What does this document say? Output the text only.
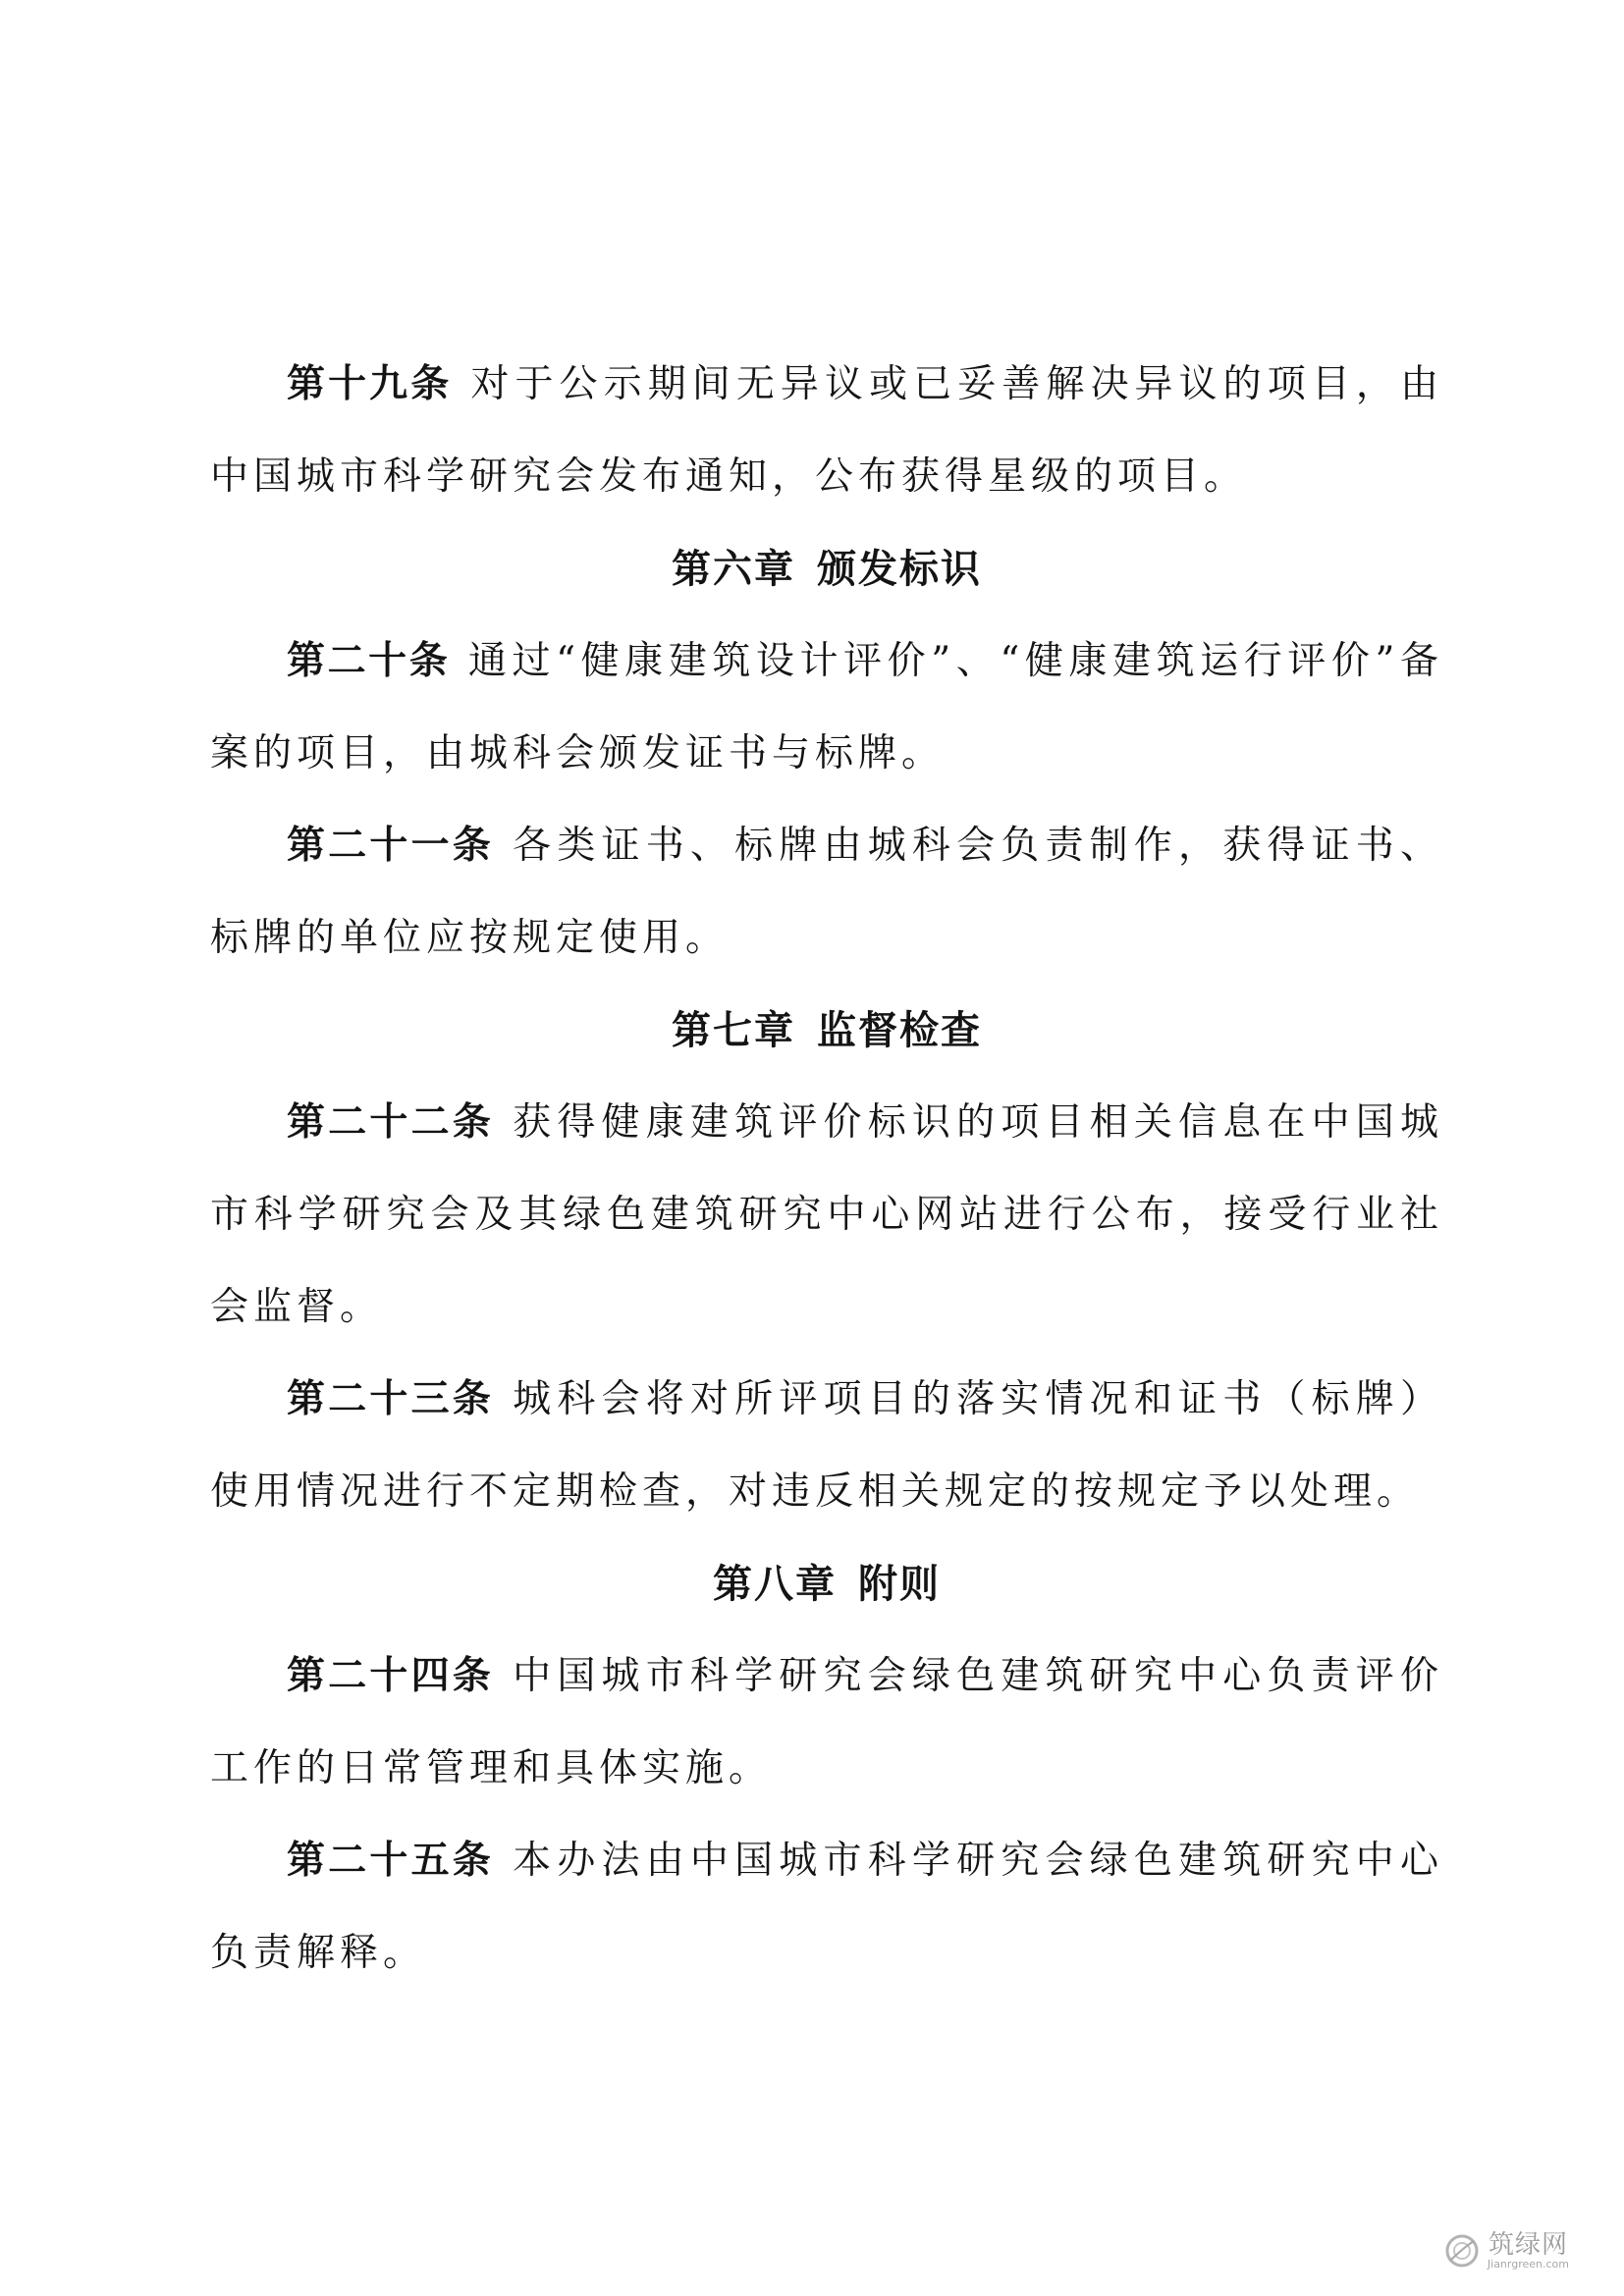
第十九条 对于公示期间无异议或已妥善解决异议的项目，由中国城市科学研究会发布通知，公布获得星级的项目。

第六章 颁发标识

第二十条 通过“健康建筑设计评价”、“健康建筑运行评价”备案的项目，由城科会颁发证书与标牌。

第二十一条 各类证书、标牌由城科会负责制作，获得证书、标牌的单位应按规定使用。

第七章 监督检查

第二十二条 获得健康建筑评价标识的项目相关信息在中国城市科学研究会及其绿色建筑研究中心网站进行公布，接受行业社会监督。

第二十三条 城科会将对所评项目的落实情况和证书（标牌）使用情况进行不定期检查，对违反相关规定的按规定予以处理。

第八章 附则

第二十四条 中国城市科学研究会绿色建筑研究中心负责评价工作的日常管理和具体实施。

第二十五条 本办法由中国城市科学研究会绿色建筑研究中心负责解释。

筑绿网
Jianrgreen.com
